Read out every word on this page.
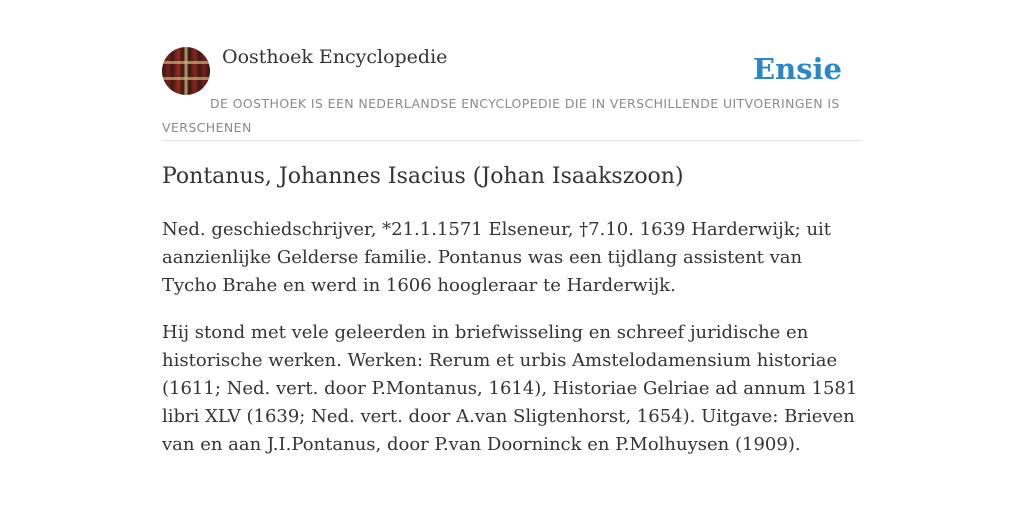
Oosthoek Encyclopedie	Ensie
DE OOSTHOEK IS EEN NEDERLANDSE ENCYCLOPEDIE DIE IN VERSCHILLENDE UITVOERINGEN IS VERSCHENEN
Pontanus, Johannes Isacius (Johan Isaakszoon)

Ned. geschiedschrijver, *21.1.1571 Elseneur, †7.10. 1639 Harderwijk; uit aanzienlijke Gelderse familie. Pontanus was een tijdlang assistent van Tycho Brahe en werd in 1606 hoogleraar te Harderwijk.

Hij stond met vele geleerden in briefwisseling en schreef juridische en historische werken. Werken: Rerum et urbis Amstelodamensium historiae (1611; Ned. vert. door P.Montanus, 1614), Historiae Gelriae ad annum 1581 libri XLV (1639; Ned. vert. door A.van Sligtenhorst, 1654). Uitgave: Brieven van en aan J.I.Pontanus, door P.van Doorninck en P.Molhuysen (1909).
